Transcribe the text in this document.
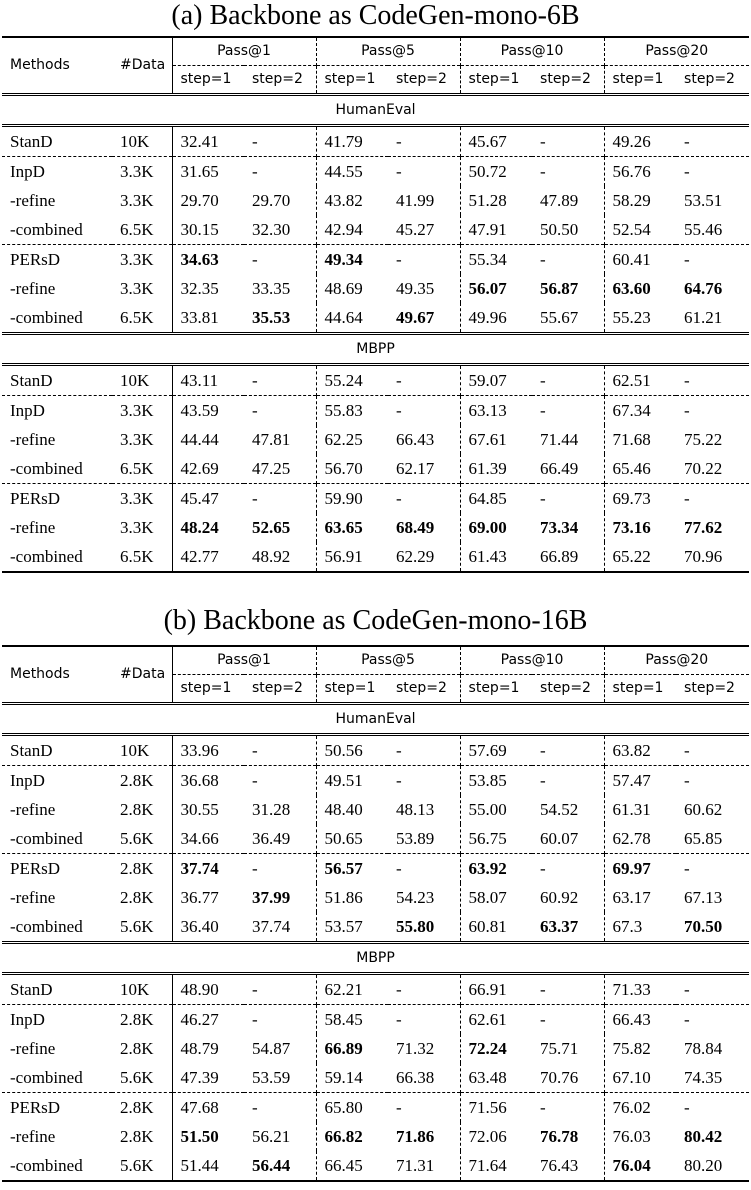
(a) Backbone as CodeGen-mono-6B
Methods	#Data	Pass@1		Pass@5		Pass@10		Pass@20	
		step=1	step=2	step=1	step=2	step=1	step=2	step=1	step=2
HumanEval									
StanD	10K	32.41	-	41.79	-	45.67	-	49.26	-
InpD	3.3K	31.65	-	44.55	-	50.72	-	56.76	-
-refine	3.3K	29.70	29.70	43.82	41.99	51.28	47.89	58.29	53.51
-combined	6.5K	30.15	32.30	42.94	45.27	47.91	50.50	52.54	55.46
PERsD	3.3K	34.63	-	49.34	-	55.34	-	60.41	-
-refine	3.3K	32.35	33.35	48.69	49.35	56.07	56.87	63.60	64.76
-combined	6.5K	33.81	35.53	44.64	49.67	49.96	55.67	55.23	61.21
MBPP									
StanD	10K	43.11	-	55.24	-	59.07	-	62.51	-
InpD	3.3K	43.59	-	55.83	-	63.13	-	67.34	-
-refine	3.3K	44.44	47.81	62.25	66.43	67.61	71.44	71.68	75.22
-combined	6.5K	42.69	47.25	56.70	62.17	61.39	66.49	65.46	70.22
PERsD	3.3K	45.47	-	59.90	-	64.85	-	69.73	-
-refine	3.3K	48.24	52.65	63.65	68.49	69.00	73.34	73.16	77.62
-combined	6.5K	42.77	48.92	56.91	62.29	61.43	66.89	65.22	70.96
(b) Backbone as CodeGen-mono-16B
Methods	#Data	Pass@1		Pass@5		Pass@10		Pass@20	
		step=1	step=2	step=1	step=2	step=1	step=2	step=1	step=2
HumanEval									
StanD	10K	33.96	-	50.56	-	57.69	-	63.82	-
InpD	2.8K	36.68	-	49.51	-	53.85	-	57.47	-
-refine	2.8K	30.55	31.28	48.40	48.13	55.00	54.52	61.31	60.62
-combined	5.6K	34.66	36.49	50.65	53.89	56.75	60.07	62.78	65.85
PERsD	2.8K	37.74	-	56.57	-	63.92	-	69.97	-
-refine	2.8K	36.77	37.99	51.86	54.23	58.07	60.92	63.17	67.13
-combined	5.6K	36.40	37.74	53.57	55.80	60.81	63.37	67.3	70.50
MBPP									
StanD	10K	48.90	-	62.21	-	66.91	-	71.33	-
InpD	2.8K	46.27	-	58.45	-	62.61	-	66.43	-
-refine	2.8K	48.79	54.87	66.89	71.32	72.24	75.71	75.82	78.84
-combined	5.6K	47.39	53.59	59.14	66.38	63.48	70.76	67.10	74.35
PERsD	2.8K	47.68	-	65.80	-	71.56	-	76.02	-
-refine	2.8K	51.50	56.21	66.82	71.86	72.06	76.78	76.03	80.42
-combined	5.6K	51.44	56.44	66.45	71.31	71.64	76.43	76.04	80.20
